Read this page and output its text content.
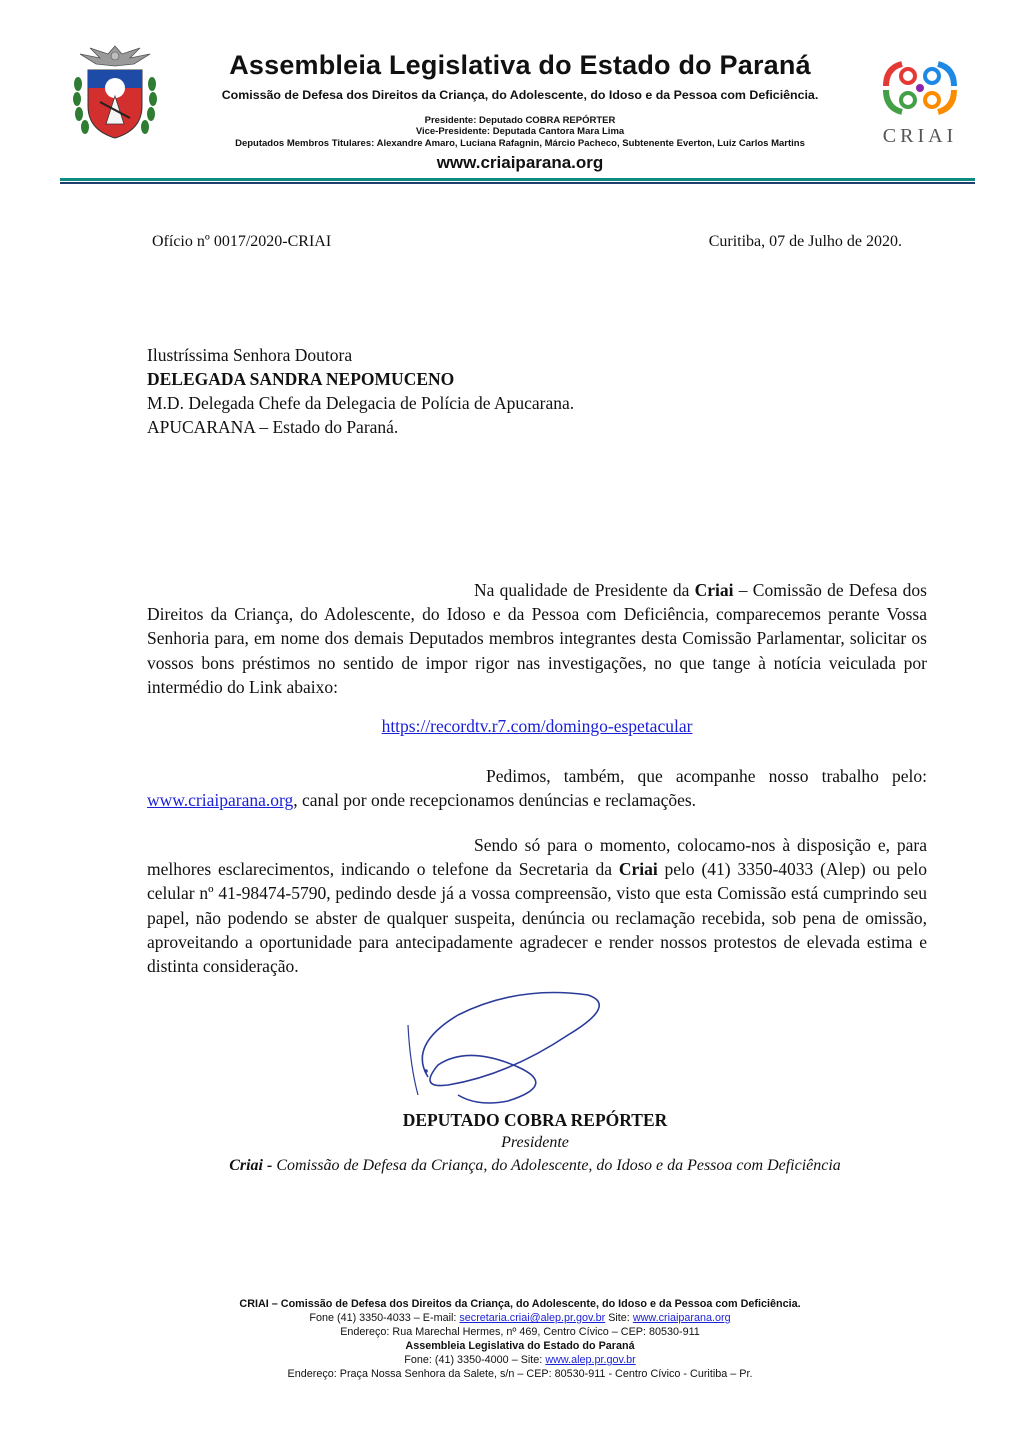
Assembleia Legislativa do Estado do Paraná
Comissão de Defesa dos Direitos da Criança, do Adolescente, do Idoso e da Pessoa com Deficiência.
Presidente: Deputado COBRA REPÓRTER
Vice-Presidente: Deputada Cantora Mara Lima
Deputados Membros Titulares: Alexandre Amaro, Luciana Rafagnin, Márcio Pacheco, Subtenente Everton, Luiz Carlos Martins
www.criaiparana.org
CRIAI
Ofício nº 0017/2020-CRIAI	Curitiba, 07 de Julho de 2020.
Ilustríssima Senhora Doutora
DELEGADA SANDRA NEPOMUCENO
M.D. Delegada Chefe da Delegacia de Polícia de Apucarana.
APUCARANA – Estado do Paraná.

Na qualidade de Presidente da Criai – Comissão de Defesa dos Direitos da Criança, do Adolescente, do Idoso e da Pessoa com Deficiência, comparecemos perante Vossa Senhoria para, em nome dos demais Deputados membros integrantes desta Comissão Parlamentar, solicitar os vossos bons préstimos no sentido de impor rigor nas investigações, no que tange à notícia veiculada por intermédio do Link abaixo:

https://recordtv.r7.com/domingo-espetacular

Pedimos, também, que acompanhe nosso trabalho pelo: www.criaiparana.org, canal por onde recepcionamos denúncias e reclamações.

Sendo só para o momento, colocamo-nos à disposição e, para melhores esclarecimentos, indicando o telefone da Secretaria da Criai pelo (41) 3350-4033 (Alep) ou pelo celular nº 41-98474-5790, pedindo desde já a vossa compreensão, visto que esta Comissão está cumprindo seu papel, não podendo se abster de qualquer suspeita, denúncia ou reclamação recebida, sob pena de omissão, aproveitando a oportunidade para antecipadamente agradecer e render nossos protestos de elevada estima e distinta consideração.

DEPUTADO COBRA REPÓRTER
Presidente
Criai - Comissão de Defesa da Criança, do Adolescente, do Idoso e da Pessoa com Deficiência
CRIAI – Comissão de Defesa dos Direitos da Criança, do Adolescente, do Idoso e da Pessoa com Deficiência.
Fone (41) 3350-4033 – E-mail: secretaria.criai@alep.pr.gov.br Site: www.criaiparana.org
Endereço: Rua Marechal Hermes, nº 469, Centro Cívico – CEP: 80530-911
Assembleia Legislativa do Estado do Paraná
Fone: (41) 3350-4000 – Site: www.alep.pr.gov.br
Endereço: Praça Nossa Senhora da Salete, s/n – CEP: 80530-911 - Centro Cívico - Curitiba – Pr.
